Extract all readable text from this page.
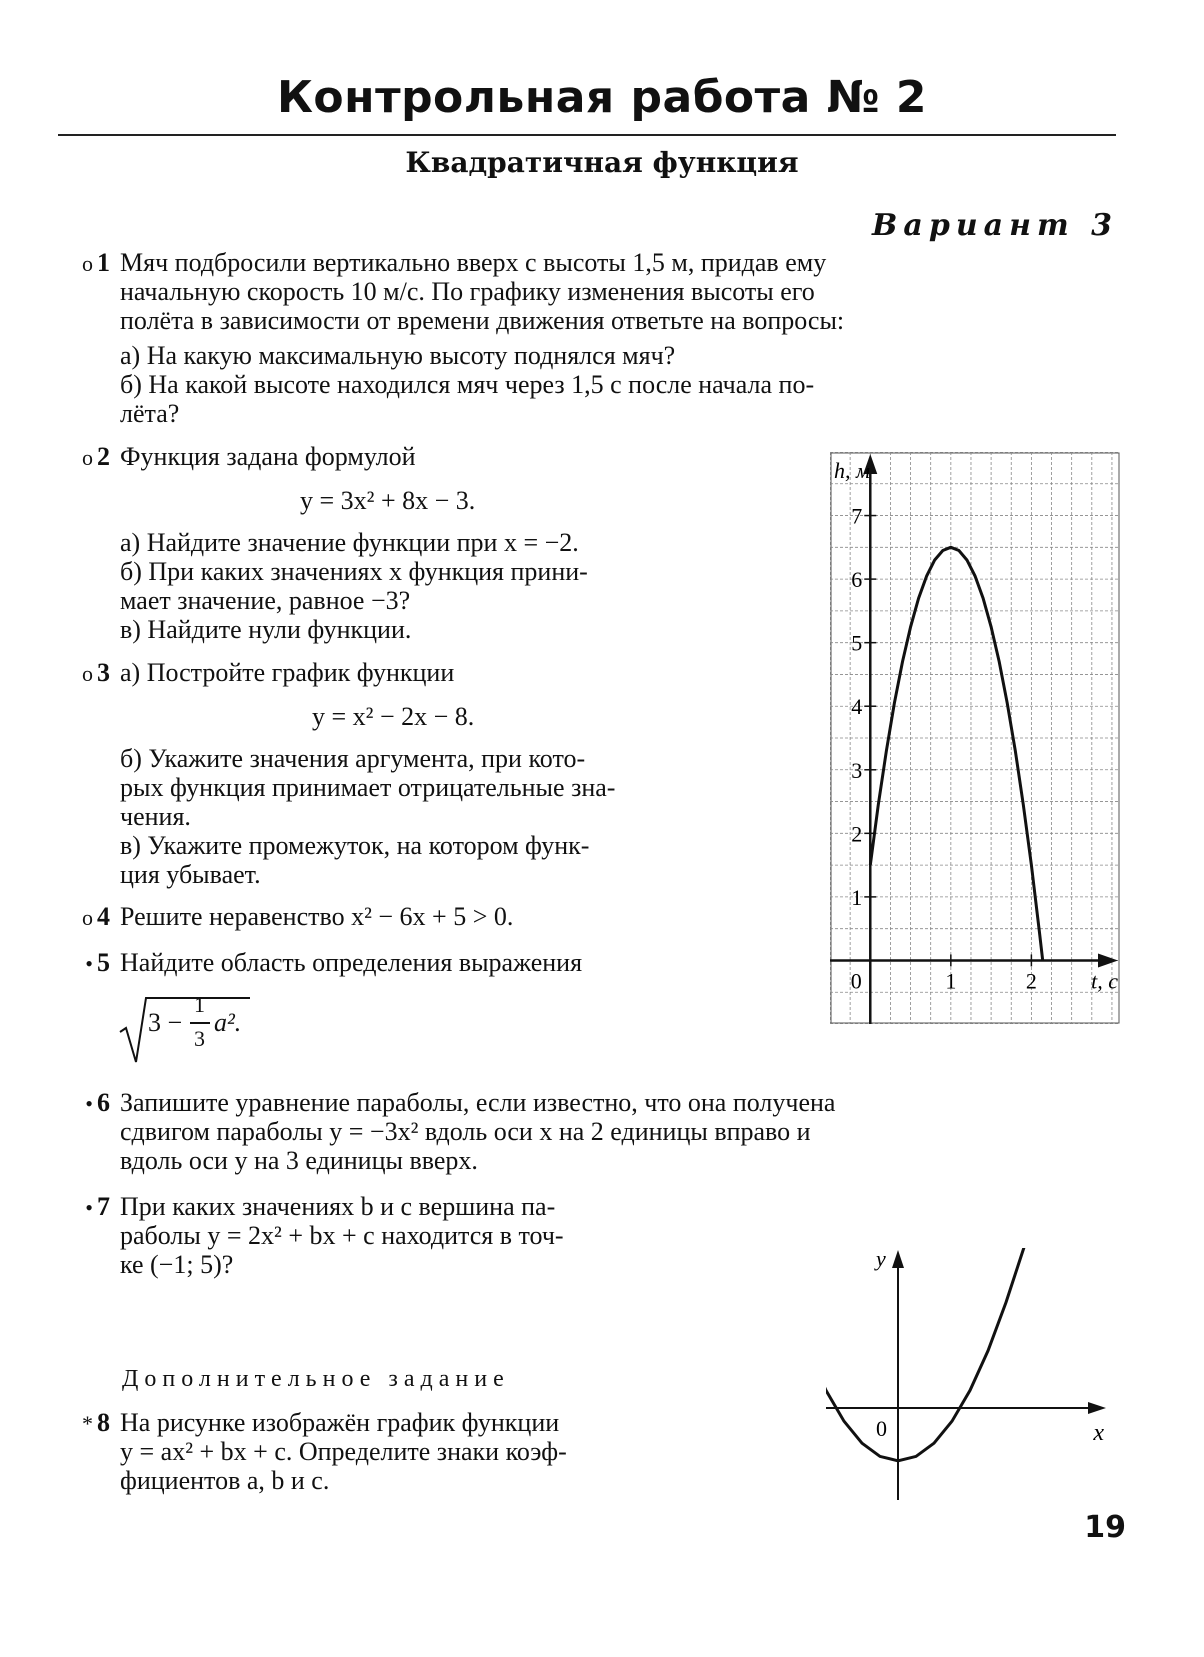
Контрольная работа № 2
Квадратичная функция
Вариант 3
o 1 Мяч подбросили вертикально вверх с высоты 1,5 м, придав ему
начальную скорость 10 м/с. По графику изменения высоты его
полёта в зависимости от времени движения ответьте на вопросы:
а) На какую максимальную высоту поднялся мяч?
б) На какой высоте находился мяч через 1,5 с после начала по-
лёта?
o 2 Функция задана формулой
y = 3x² + 8x − 3.
а) Найдите значение функции при x = −2.
б) При каких значениях x функция прини-
мает значение, равное −3?
в) Найдите нули функции.
o 3 а) Постройте график функции
y = x² − 2x − 8.
б) Укажите значения аргумента, при кото-
рых функция принимает отрицательные зна-
чения.
в) Укажите промежуток, на котором функ-
ция убывает.
o 4 Решите неравенство x² − 6x + 5 > 0.
• 5 Найдите область определения выражения
3 −
1
3
a².
• 6 Запишите уравнение параболы, если известно, что она получена
сдвигом параболы y = −3x² вдоль оси x на 2 единицы вправо и
вдоль оси y на 3 единицы вверх.
• 7 При каких значениях b и c вершина па-
раболы y = 2x² + bx + c находится в точ-
ке (−1; 5)?
Дополнительное задание
* 8 На рисунке изображён график функции
y = ax² + bx + c. Определите знаки коэф-
фициентов a, b и c.
1
2
3
4
5
6
7
0	1	2
h, м
t, c
y
x
0
19
